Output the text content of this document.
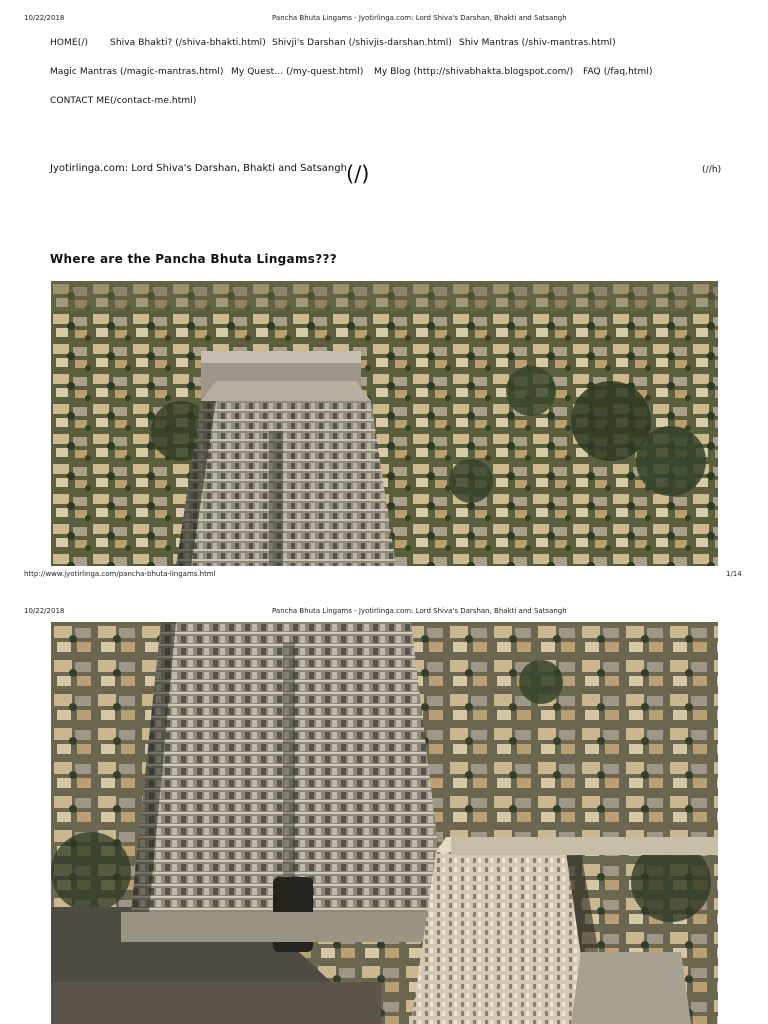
10/22/2018	Pancha Bhuta Lingams - Jyotirlinga.com: Lord Shiva's Darshan, Bhakti and Satsangh
HOME(/) Shiva Bhakti? (/shiva-bhakti.html) Shivji's Darshan (/shivjis-darshan.html) Shiv Mantras (/shiv-mantras.html)
Magic Mantras (/magic-mantras.html) My Quest... (/my-quest.html) My Blog (http://shivabhakta.blogspot.com/) FAQ (/faq.html)
CONTACT ME(/contact-me.html)
Jyotirlinga.com: Lord Shiva's Darshan, Bhakti and Satsangh (/)	(//h)
Where are the Pancha Bhuta Lingams???
http://www.jyotirlinga.com/pancha-bhuta-lingams.html	1/14
10/22/2018	Pancha Bhuta Lingams - Jyotirlinga.com: Lord Shiva's Darshan, Bhakti and Satsangh
